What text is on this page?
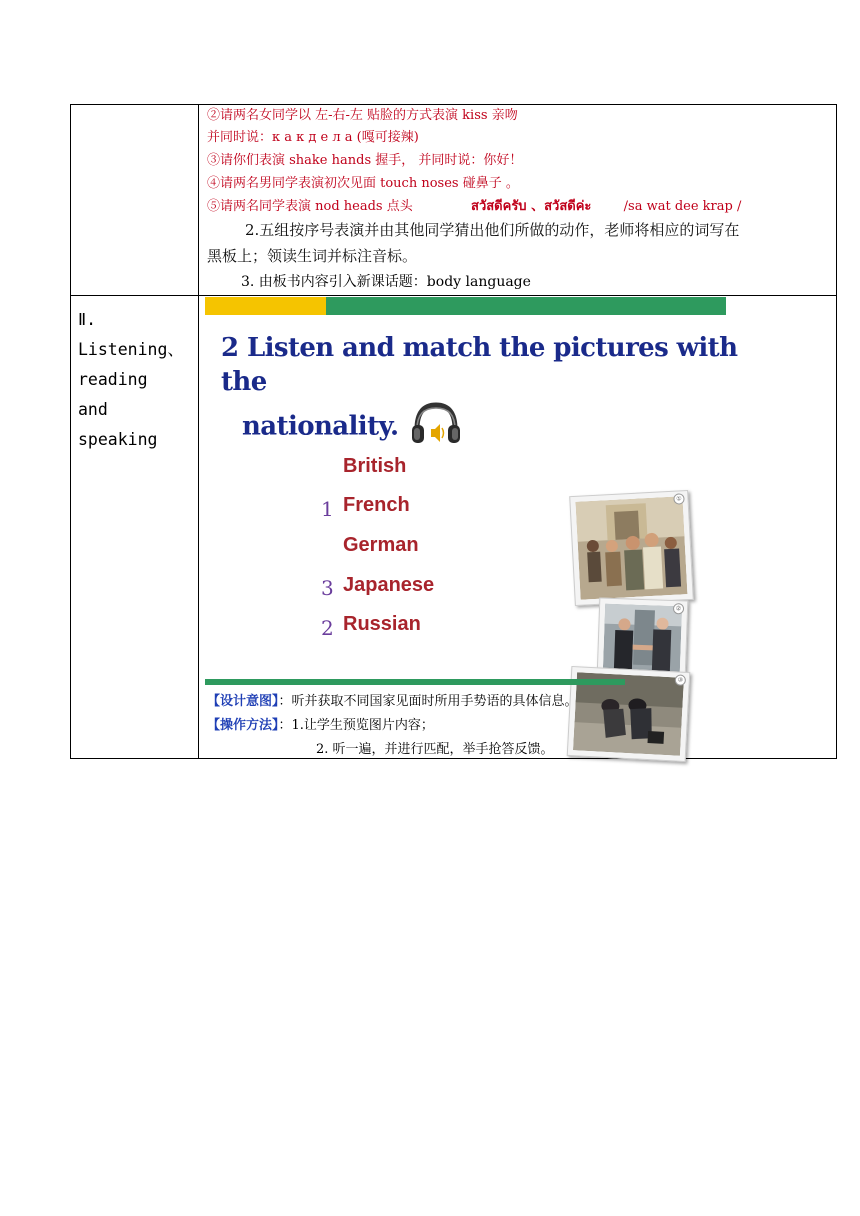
②请两名女同学以 左-右-左 贴脸的方式表演 kiss 亲吻
并同时说：к а к д е л а (嘎可接辣)
③请你们表演 shake hands 握手， 并同时说：你好！
④请两名男同学表演初次见面 touch noses 碰鼻子 。
⑤请两名同学表演 nod heads 点头	สวัสดีครับ 、สวัสดีค่ะ /sa wat dee krap /
2.五组按序号表演并由其他同学猜出他们所做的动作，老师将相应的词写在
黑板上；领读生词并标注音标。
3. 由板书内容引入新课话题：body language
Ⅱ.
Listening、
reading
and
speaking
2 Listen and match the pictures with the
nationality.
British
French
German
Japanese
Russian
1
3
2
①
②
③
【设计意图】：听并获取不同国家见面时所用手势语的具体信息。
【操作方法】：1.让学生预览图片内容；
2. 听一遍，并进行匹配，举手抢答反馈。
